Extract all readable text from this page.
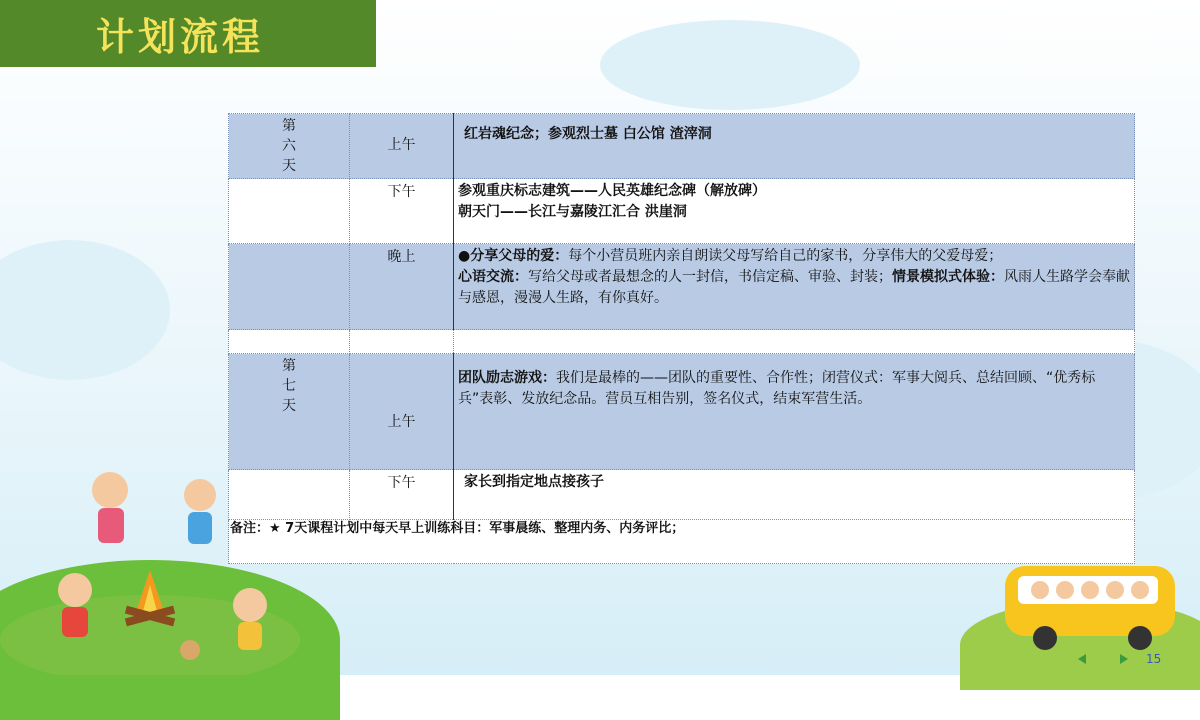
计划流程
第
六
天	上午	红岩魂纪念；参观烈士墓 白公馆 渣滓洞
	下午	参观重庆标志建筑——人民英雄纪念碑（解放碑）
朝天门——长江与嘉陵江汇合 洪崖洞

	晚上	●分享父母的爱：每个小营员班内亲自朗读父母写给自己的家书，分享伟大的父爱母爱；
心语交流：写给父母或者最想念的人一封信，书信定稿、审验、封装；情景模拟式体验：风雨人生路学会奉献与感恩，漫漫人生路，有你真好。

第
七
天	上午	团队励志游戏：我们是最棒的——团队的重要性、合作性；闭营仪式：军事大阅兵、总结回顾、“优秀标兵”表彰、发放纪念品。营员互相告别，签名仪式，结束军营生活。
	下午	家长到指定地点接孩子

备注：★ 7天课程计划中每天早上训练科目：军事晨练、整理内务、内务评比；
15
